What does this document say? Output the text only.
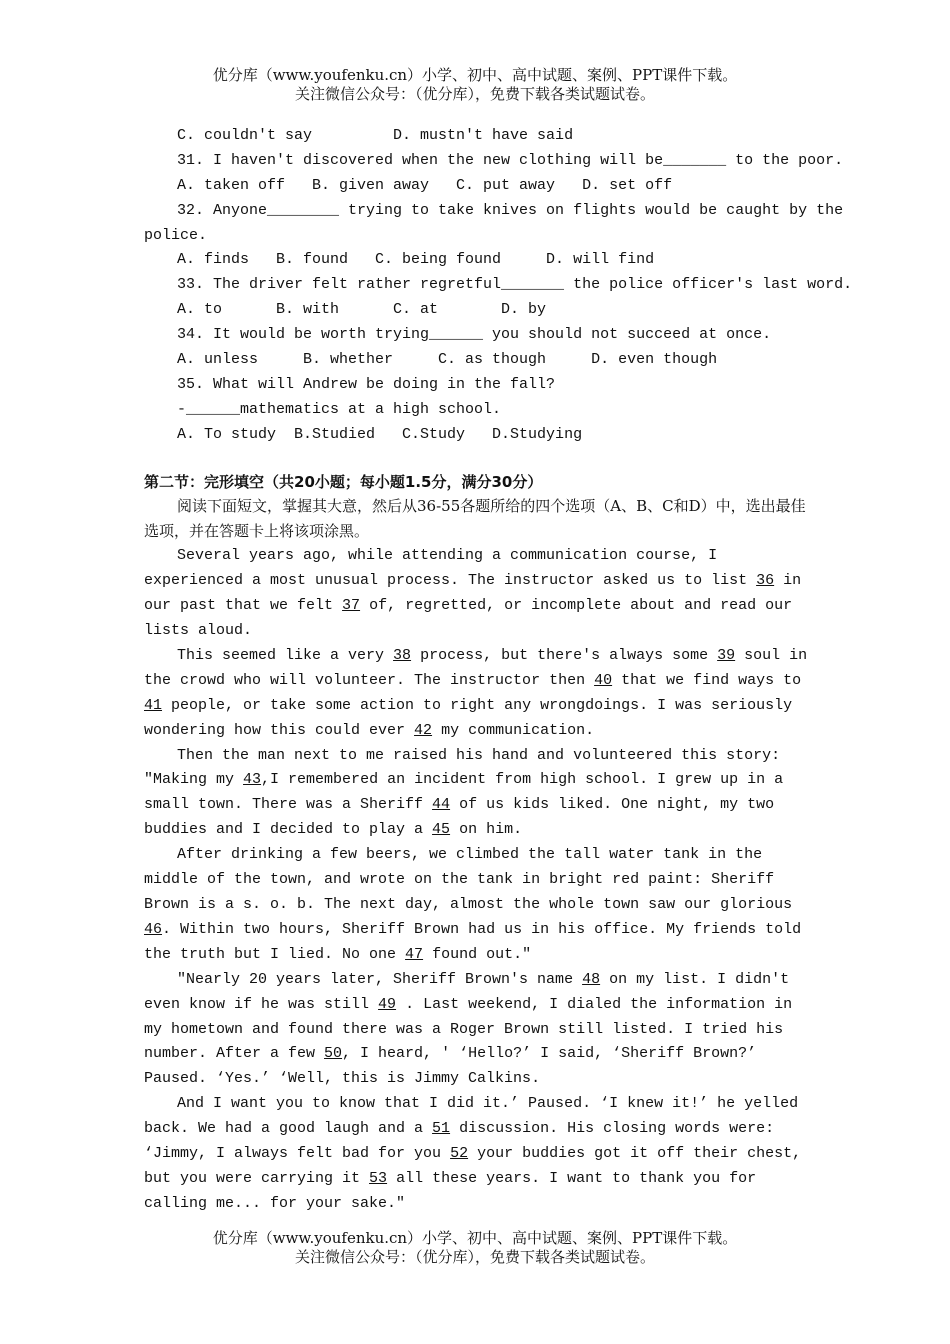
优分库（www.youfenku.cn）小学、初中、高中试题、案例、PPT课件下载。
关注微信公众号：（优分库），免费下载各类试题试卷。
C. couldn't say         D. mustn't have said
31. I haven't discovered when the new clothing will be_______ to the poor.
A. taken off   B. given away   C. put away   D. set off
32. Anyone________ trying to take knives on flights would be caught by the
police.
A. finds   B. found   C. being found     D. will find
33. The driver felt rather regretful_______ the police officer's last word.
A. to      B. with      C. at       D. by
34. It would be worth trying______ you should not succeed at once.
A. unless     B. whether     C. as though     D. even though
35. What will Andrew be doing in the fall?
-______mathematics at a high school.
A. To study  B.Studied   C.Study   D.Studying
第二节：完形填空（共20小题；每小题1.5分，满分30分）
阅读下面短文，掌握其大意，然后从36-55各题所给的四个选项（A、B、C和D）中，选出最佳选项，并在答题卡上将该项涂黑。
Several years ago, while attending a communication course, I experienced a most unusual process. The instructor asked us to list 36 in our past that we felt 37 of, regretted, or incomplete about and read our lists aloud.
This seemed like a very 38 process, but there's always some 39 soul in the crowd who will volunteer. The instructor then 40 that we find ways to 41 people, or take some action to right any wrongdoings. I was seriously wondering how this could ever 42 my communication.
Then the man next to me raised his hand and volunteered this story: "Making my 43,I remembered an incident from high school. I grew up in a small town. There was a Sheriff 44 of us kids liked. One night, my two buddies and I decided to play a 45 on him.
After drinking a few beers, we climbed the tall water tank in the middle of the town, and wrote on the tank in bright red paint: Sheriff Brown is a s. o. b. The next day, almost the whole town saw our glorious 46. Within two hours, Sheriff Brown had us in his office. My friends told the truth but I lied. No one 47 found out."
"Nearly 20 years later, Sheriff Brown's name 48 on my list. I didn't even know if he was still 49 . Last weekend, I dialed the information in my hometown and found there was a Roger Brown still listed. I tried his number. After a few 50, I heard, ' ‘Hello?’ I said, ‘Sheriff Brown?’ Paused. ‘Yes.’ ‘Well, this is Jimmy Calkins.
And I want you to know that I did it.’ Paused. ‘I knew it!’ he yelled back. We had a good laugh and a 51 discussion. His closing words were: ‘Jimmy, I always felt bad for you 52 your buddies got it off their chest, but you were carrying it 53 all these years. I want to thank you for calling me... for your sake."
优分库（www.youfenku.cn）小学、初中、高中试题、案例、PPT课件下载。
关注微信公众号：（优分库），免费下载各类试题试卷。
